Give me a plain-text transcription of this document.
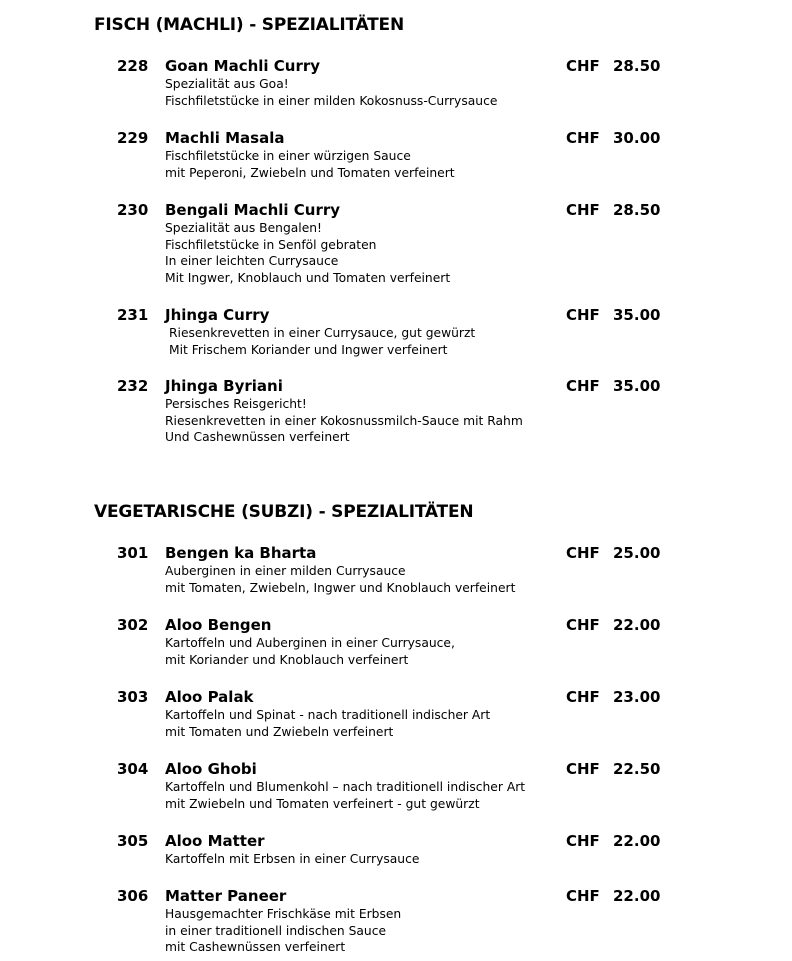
FISCH (MACHLI) - SPEZIALITÄTEN
228 Goan Machli Curry	CHF 28.50
Spezialität aus Goa!
Fischfiletstücke in einer milden Kokosnuss-Currysauce
229 Machli Masala	CHF 30.00
Fischfiletstücke in einer würzigen Sauce
mit Peperoni, Zwiebeln und Tomaten verfeinert
230 Bengali Machli Curry	CHF 28.50
Spezialität aus Bengalen!
Fischfiletstücke in Senföl gebraten
In einer leichten Currysauce
Mit Ingwer, Knoblauch und Tomaten verfeinert
231 Jhinga Curry	CHF 35.00
Riesenkrevetten in einer Currysauce, gut gewürzt
Mit Frischem Koriander und Ingwer verfeinert
232 Jhinga Byriani	CHF 35.00
Persisches Reisgericht!
Riesenkrevetten in einer Kokosnussmilch-Sauce mit Rahm
Und Cashewnüssen verfeinert
VEGETARISCHE (SUBZI) - SPEZIALITÄTEN
301 Bengen ka Bharta	CHF 25.00
Auberginen in einer milden Currysauce
mit Tomaten, Zwiebeln, Ingwer und Knoblauch verfeinert
302 Aloo Bengen	CHF 22.00
Kartoffeln und Auberginen in einer Currysauce,
mit Koriander und Knoblauch verfeinert
303 Aloo Palak	CHF 23.00
Kartoffeln und Spinat - nach traditionell indischer Art
mit Tomaten und Zwiebeln verfeinert
304 Aloo Ghobi	CHF 22.50
Kartoffeln und Blumenkohl – nach traditionell indischer Art
mit Zwiebeln und Tomaten verfeinert - gut gewürzt
305 Aloo Matter	CHF 22.00
Kartoffeln mit Erbsen in einer Currysauce
306 Matter Paneer	CHF 22.00
Hausgemachter Frischkäse mit Erbsen
in einer traditionell indischen Sauce
mit Cashewnüssen verfeinert
